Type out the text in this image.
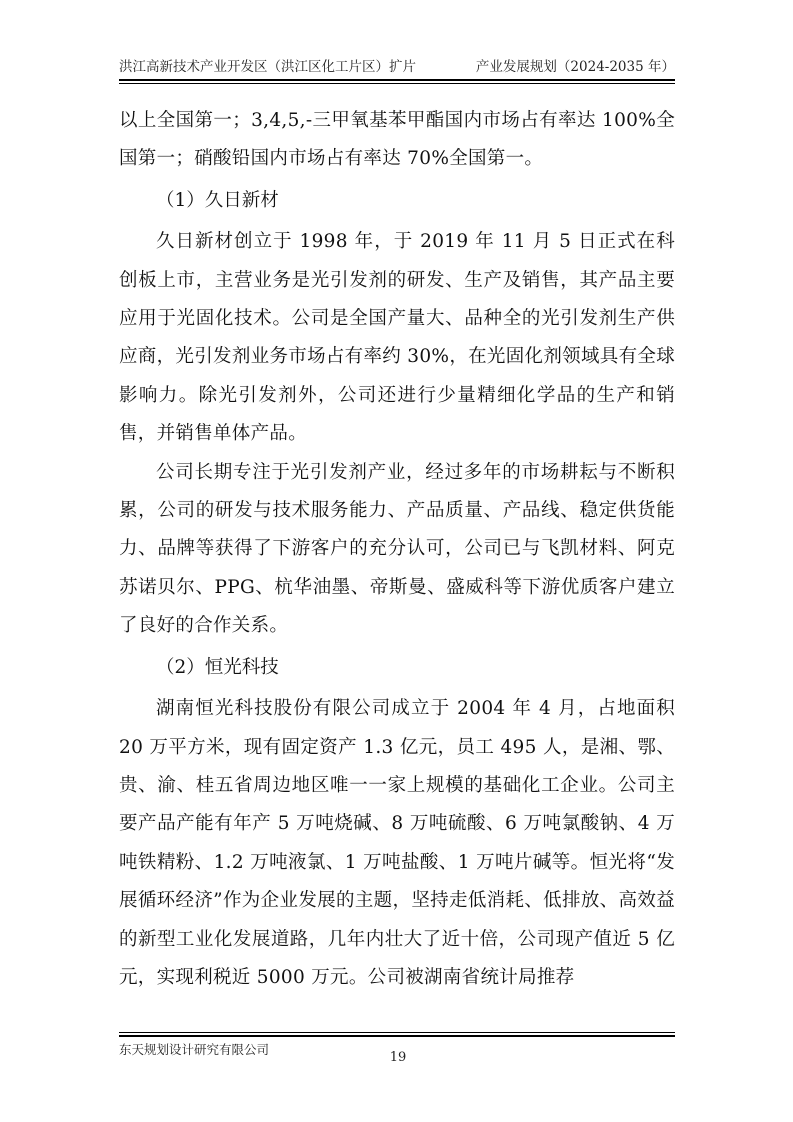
洪江高新技术产业开发区（洪江区化工片区）扩片	产业发展规划（2024-2035 年）

以上全国第一；3,4,5,-三甲氧基苯甲酯国内市场占有率达 100%全国第一；硝酸铅国内市场占有率达 70%全国第一。

（1）久日新材

久日新材创立于 1998 年，于 2019 年 11 月 5 日正式在科创板上市，主营业务是光引发剂的研发、生产及销售，其产品主要应用于光固化技术。公司是全国产量大、品种全的光引发剂生产供应商，光引发剂业务市场占有率约 30%，在光固化剂领域具有全球影响力。除光引发剂外，公司还进行少量精细化学品的生产和销售，并销售单体产品。

公司长期专注于光引发剂产业，经过多年的市场耕耘与不断积累，公司的研发与技术服务能力、产品质量、产品线、稳定供货能力、品牌等获得了下游客户的充分认可，公司已与飞凯材料、阿克苏诺贝尔、PPG、杭华油墨、帝斯曼、盛威科等下游优质客户建立了良好的合作关系。

（2）恒光科技

湖南恒光科技股份有限公司成立于 2004 年 4 月，占地面积 20 万平方米，现有固定资产 1.3 亿元，员工 495 人，是湘、鄂、贵、渝、桂五省周边地区唯一一家上规模的基础化工企业。公司主要产品产能有年产 5 万吨烧碱、8 万吨硫酸、6 万吨氯酸钠、4 万吨铁精粉、1.2 万吨液氯、1 万吨盐酸、1 万吨片碱等。恒光将“发展循环经济”作为企业发展的主题，坚持走低消耗、低排放、高效益的新型工业化发展道路，几年内壮大了近十倍，公司现产值近 5 亿元，实现利税近 5000 万元。公司被湖南省统计局推荐

东天规划设计研究有限公司
19
